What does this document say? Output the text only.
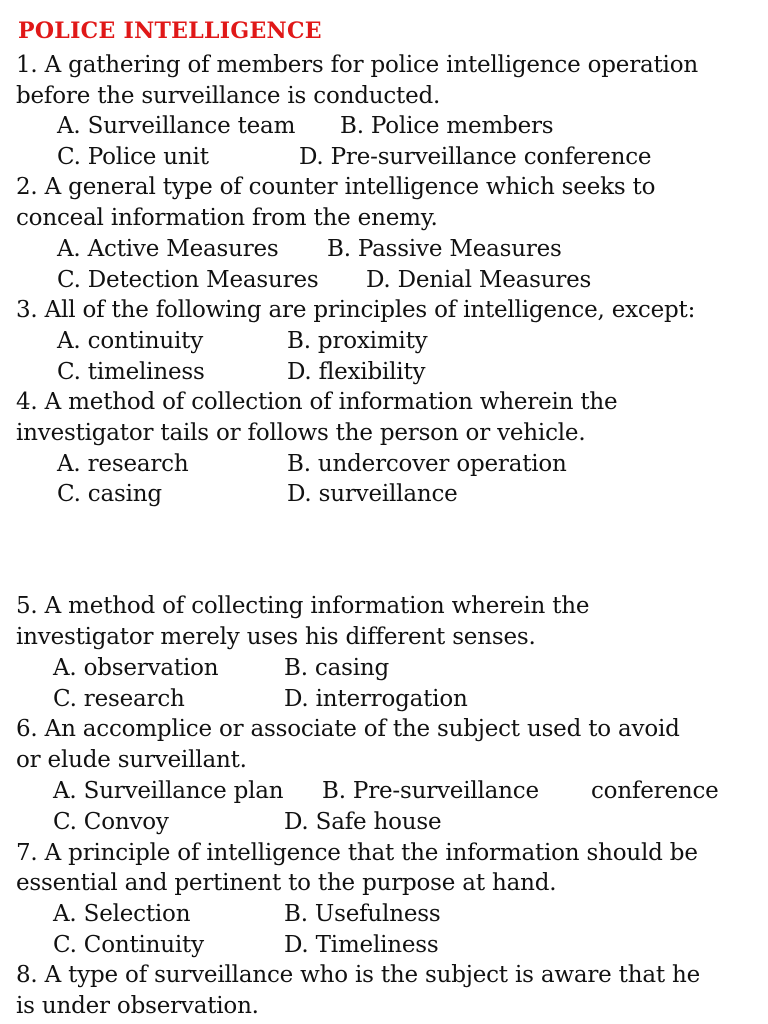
POLICE INTELLIGENCE
1. A gathering of members for police intelligence operation
before the surveillance is conducted.
A. Surveillance team B. Police members
C. Police unit	D. Pre-surveillance conference
2. A general type of counter intelligence which seeks to
conceal information from the enemy.
A. Active Measures B. Passive Measures
C. Detection Measures D. Denial Measures
3. All of the following are principles of intelligence, except:
A. continuity	B. proximity
C. timeliness	D. flexibility
4. A method of collection of information wherein the
investigator tails or follows the person or vehicle.
A. research	B. undercover operation
C. casing	D. surveillance
5. A method of collecting information wherein the
investigator merely uses his different senses.
A. observation	B. casing
C. research	D. interrogation
6. An accomplice or associate of the subject used to avoid
or elude surveillant.
A. Surveillance plan B. Pre-surveillance conference
C. Convoy	D. Safe house
7. A principle of intelligence that the information should be
essential and pertinent to the purpose at hand.
A. Selection	B. Usefulness
C. Continuity	D. Timeliness
8. A type of surveillance who is the subject is aware that he
is under observation.
